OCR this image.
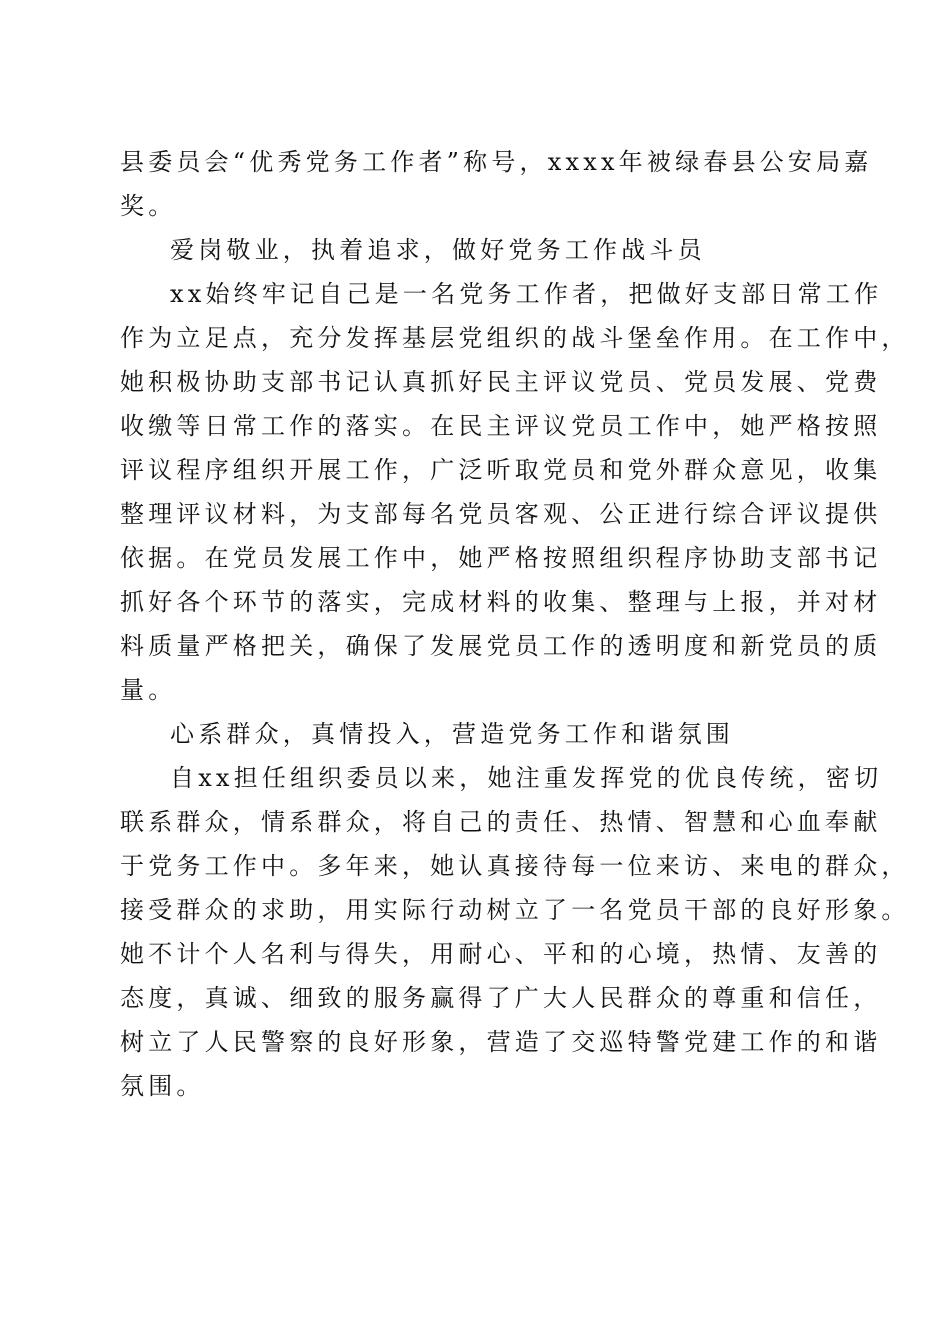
县委员会“优秀党务工作者”称号，xxxx年被绿春县公安局嘉
奖。
爱岗敬业，执着追求，做好党务工作战斗员
xx始终牢记自己是一名党务工作者，把做好支部日常工作
作为立足点，充分发挥基层党组织的战斗堡垒作用。在工作中，
她积极协助支部书记认真抓好民主评议党员、党员发展、党费
收缴等日常工作的落实。在民主评议党员工作中，她严格按照
评议程序组织开展工作，广泛听取党员和党外群众意见，收集
整理评议材料，为支部每名党员客观、公正进行综合评议提供
依据。在党员发展工作中，她严格按照组织程序协助支部书记
抓好各个环节的落实，完成材料的收集、整理与上报，并对材
料质量严格把关，确保了发展党员工作的透明度和新党员的质
量。
心系群众，真情投入，营造党务工作和谐氛围
自xx担任组织委员以来，她注重发挥党的优良传统，密切
联系群众，情系群众，将自己的责任、热情、智慧和心血奉献
于党务工作中。多年来，她认真接待每一位来访、来电的群众，
接受群众的求助，用实际行动树立了一名党员干部的良好形象。
她不计个人名利与得失，用耐心、平和的心境，热情、友善的
态度，真诚、细致的服务赢得了广大人民群众的尊重和信任，
树立了人民警察的良好形象，营造了交巡特警党建工作的和谐
氛围。
